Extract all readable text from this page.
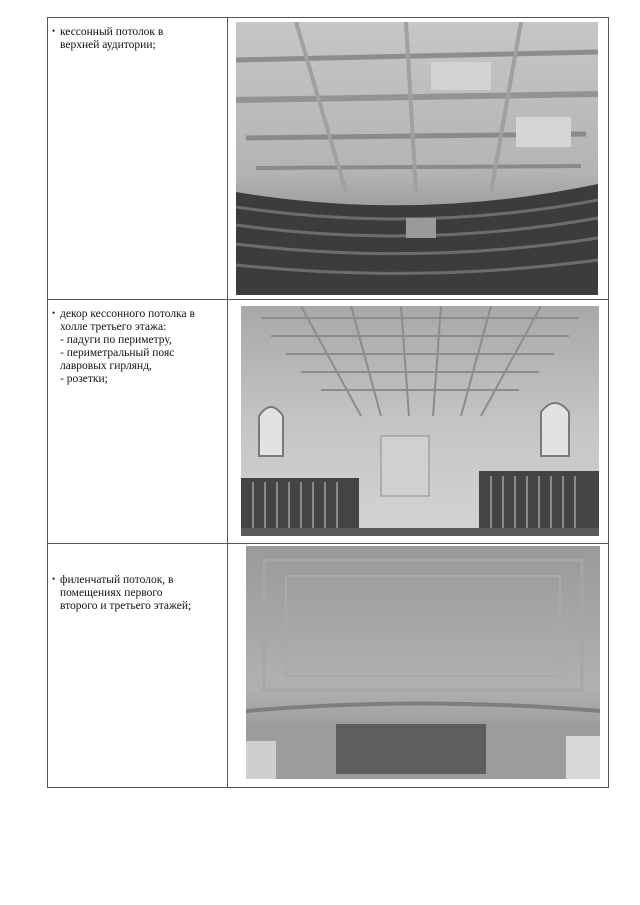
• кессонный потолок в
верхней аудитории;
• декор кессонного потолка в
холле третьего этажа:
- падуги по периметру,
- периметральный пояс
лавровых гирлянд,
- розетки;
• филенчатый потолок, в
помещениях первого
второго и третьего этажей;
